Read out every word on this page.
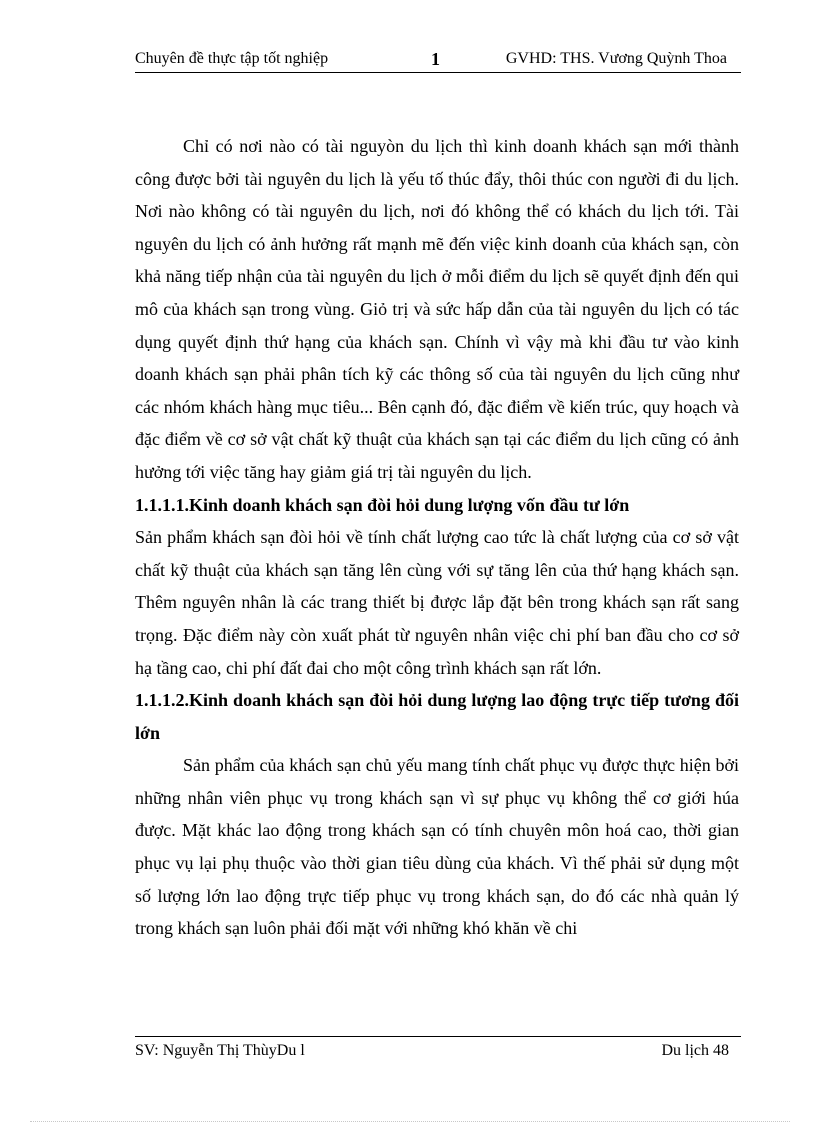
Chuyên đề thực tập tốt nghiệp	1	GVHD: THS. Vương Quỳnh Thoa

Chỉ có nơi nào có tài nguyòn du lịch thì kinh doanh khách sạn mới thành công được bởi tài nguyên du lịch là yếu tố thúc đẩy, thôi thúc con người đi du lịch. Nơi nào không có tài nguyên du lịch, nơi đó không thể có khách du lịch tới. Tài nguyên du lịch có ảnh hưởng rất mạnh mẽ đến việc kinh doanh của khách sạn, còn khả năng tiếp nhận của tài nguyên du lịch ở mỗi điểm du lịch sẽ quyết định đến qui mô của khách sạn trong vùng. Giỏ trị và sức hấp dẫn của tài nguyên du lịch có tác dụng quyết định thứ hạng của khách sạn. Chính vì vậy mà khi đầu tư vào kinh doanh khách sạn phải phân tích kỹ các thông số của tài nguyên du lịch cũng như các nhóm khách hàng mục tiêu... Bên cạnh đó, đặc điểm về kiến trúc, quy hoạch và đặc điểm về cơ sở vật chất kỹ thuật của khách sạn tại các điểm du lịch cũng có ảnh hưởng tới việc tăng hay giảm giá trị tài nguyên du lịch.

1.1.1.1.Kinh doanh khách sạn đòi hỏi dung lượng vốn đầu tư lớn

Sản phẩm khách sạn đòi hỏi về tính chất lượng cao tức là chất lượng của cơ sở vật chất kỹ thuật của khách sạn tăng lên cùng với sự tăng lên của thứ hạng khách sạn. Thêm nguyên nhân là các trang thiết bị được lắp đặt bên trong khách sạn rất sang trọng. Đặc điểm này còn xuất phát từ nguyên nhân việc chi phí ban đầu cho cơ sở hạ tầng cao, chi phí đất đai cho một công trình khách sạn rất lớn.

1.1.1.2.Kinh doanh khách sạn đòi hỏi dung lượng lao động trực tiếp tương đối lớn

Sản phẩm của khách sạn chủ yếu mang tính chất phục vụ được thực hiện bởi những nhân viên phục vụ trong khách sạn vì sự phục vụ không thể cơ giới húa được. Mặt khác lao động trong khách sạn có tính chuyên môn hoá cao, thời gian phục vụ lại phụ thuộc vào thời gian tiêu dùng của khách. Vì thế phải sử dụng một số lượng lớn lao động trực tiếp phục vụ trong khách sạn, do đó các nhà quản lý trong khách sạn luôn phải đối mặt với những khó khăn về chi

SV: Nguyễn Thị ThùyDu l	Du lịch 48
